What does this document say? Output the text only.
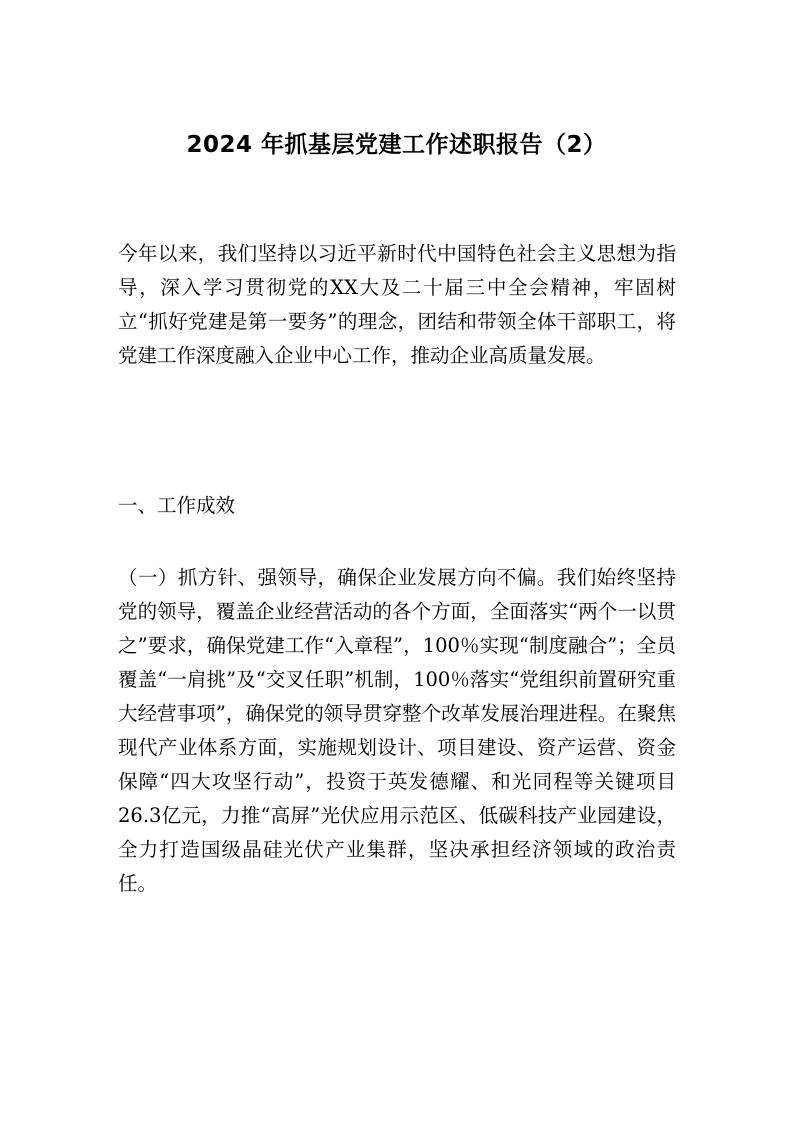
2024 年抓基层党建工作述职报告（2）

今年以来，我们坚持以习近平新时代中国特色社会主义思想为指导，深入学习贯彻党的XX大及二十届三中全会精神，牢固树立“抓好党建是第一要务”的理念，团结和带领全体干部职工，将党建工作深度融入企业中心工作，推动企业高质量发展。

一、工作成效

（一）抓方针、强领导，确保企业发展方向不偏。我们始终坚持党的领导，覆盖企业经营活动的各个方面，全面落实“两个一以贯之”要求，确保党建工作“入章程”，100％实现“制度融合”；全员覆盖“一肩挑”及“交叉任职”机制，100％落实“党组织前置研究重大经营事项”，确保党的领导贯穿整个改革发展治理进程。在聚焦现代产业体系方面，实施规划设计、项目建设、资产运营、资金保障“四大攻坚行动”，投资于英发德耀、和光同程等关键项目26.3亿元，力推“高屏”光伏应用示范区、低碳科技产业园建设，全力打造国级晶硅光伏产业集群，坚决承担经济领域的政治责任。
